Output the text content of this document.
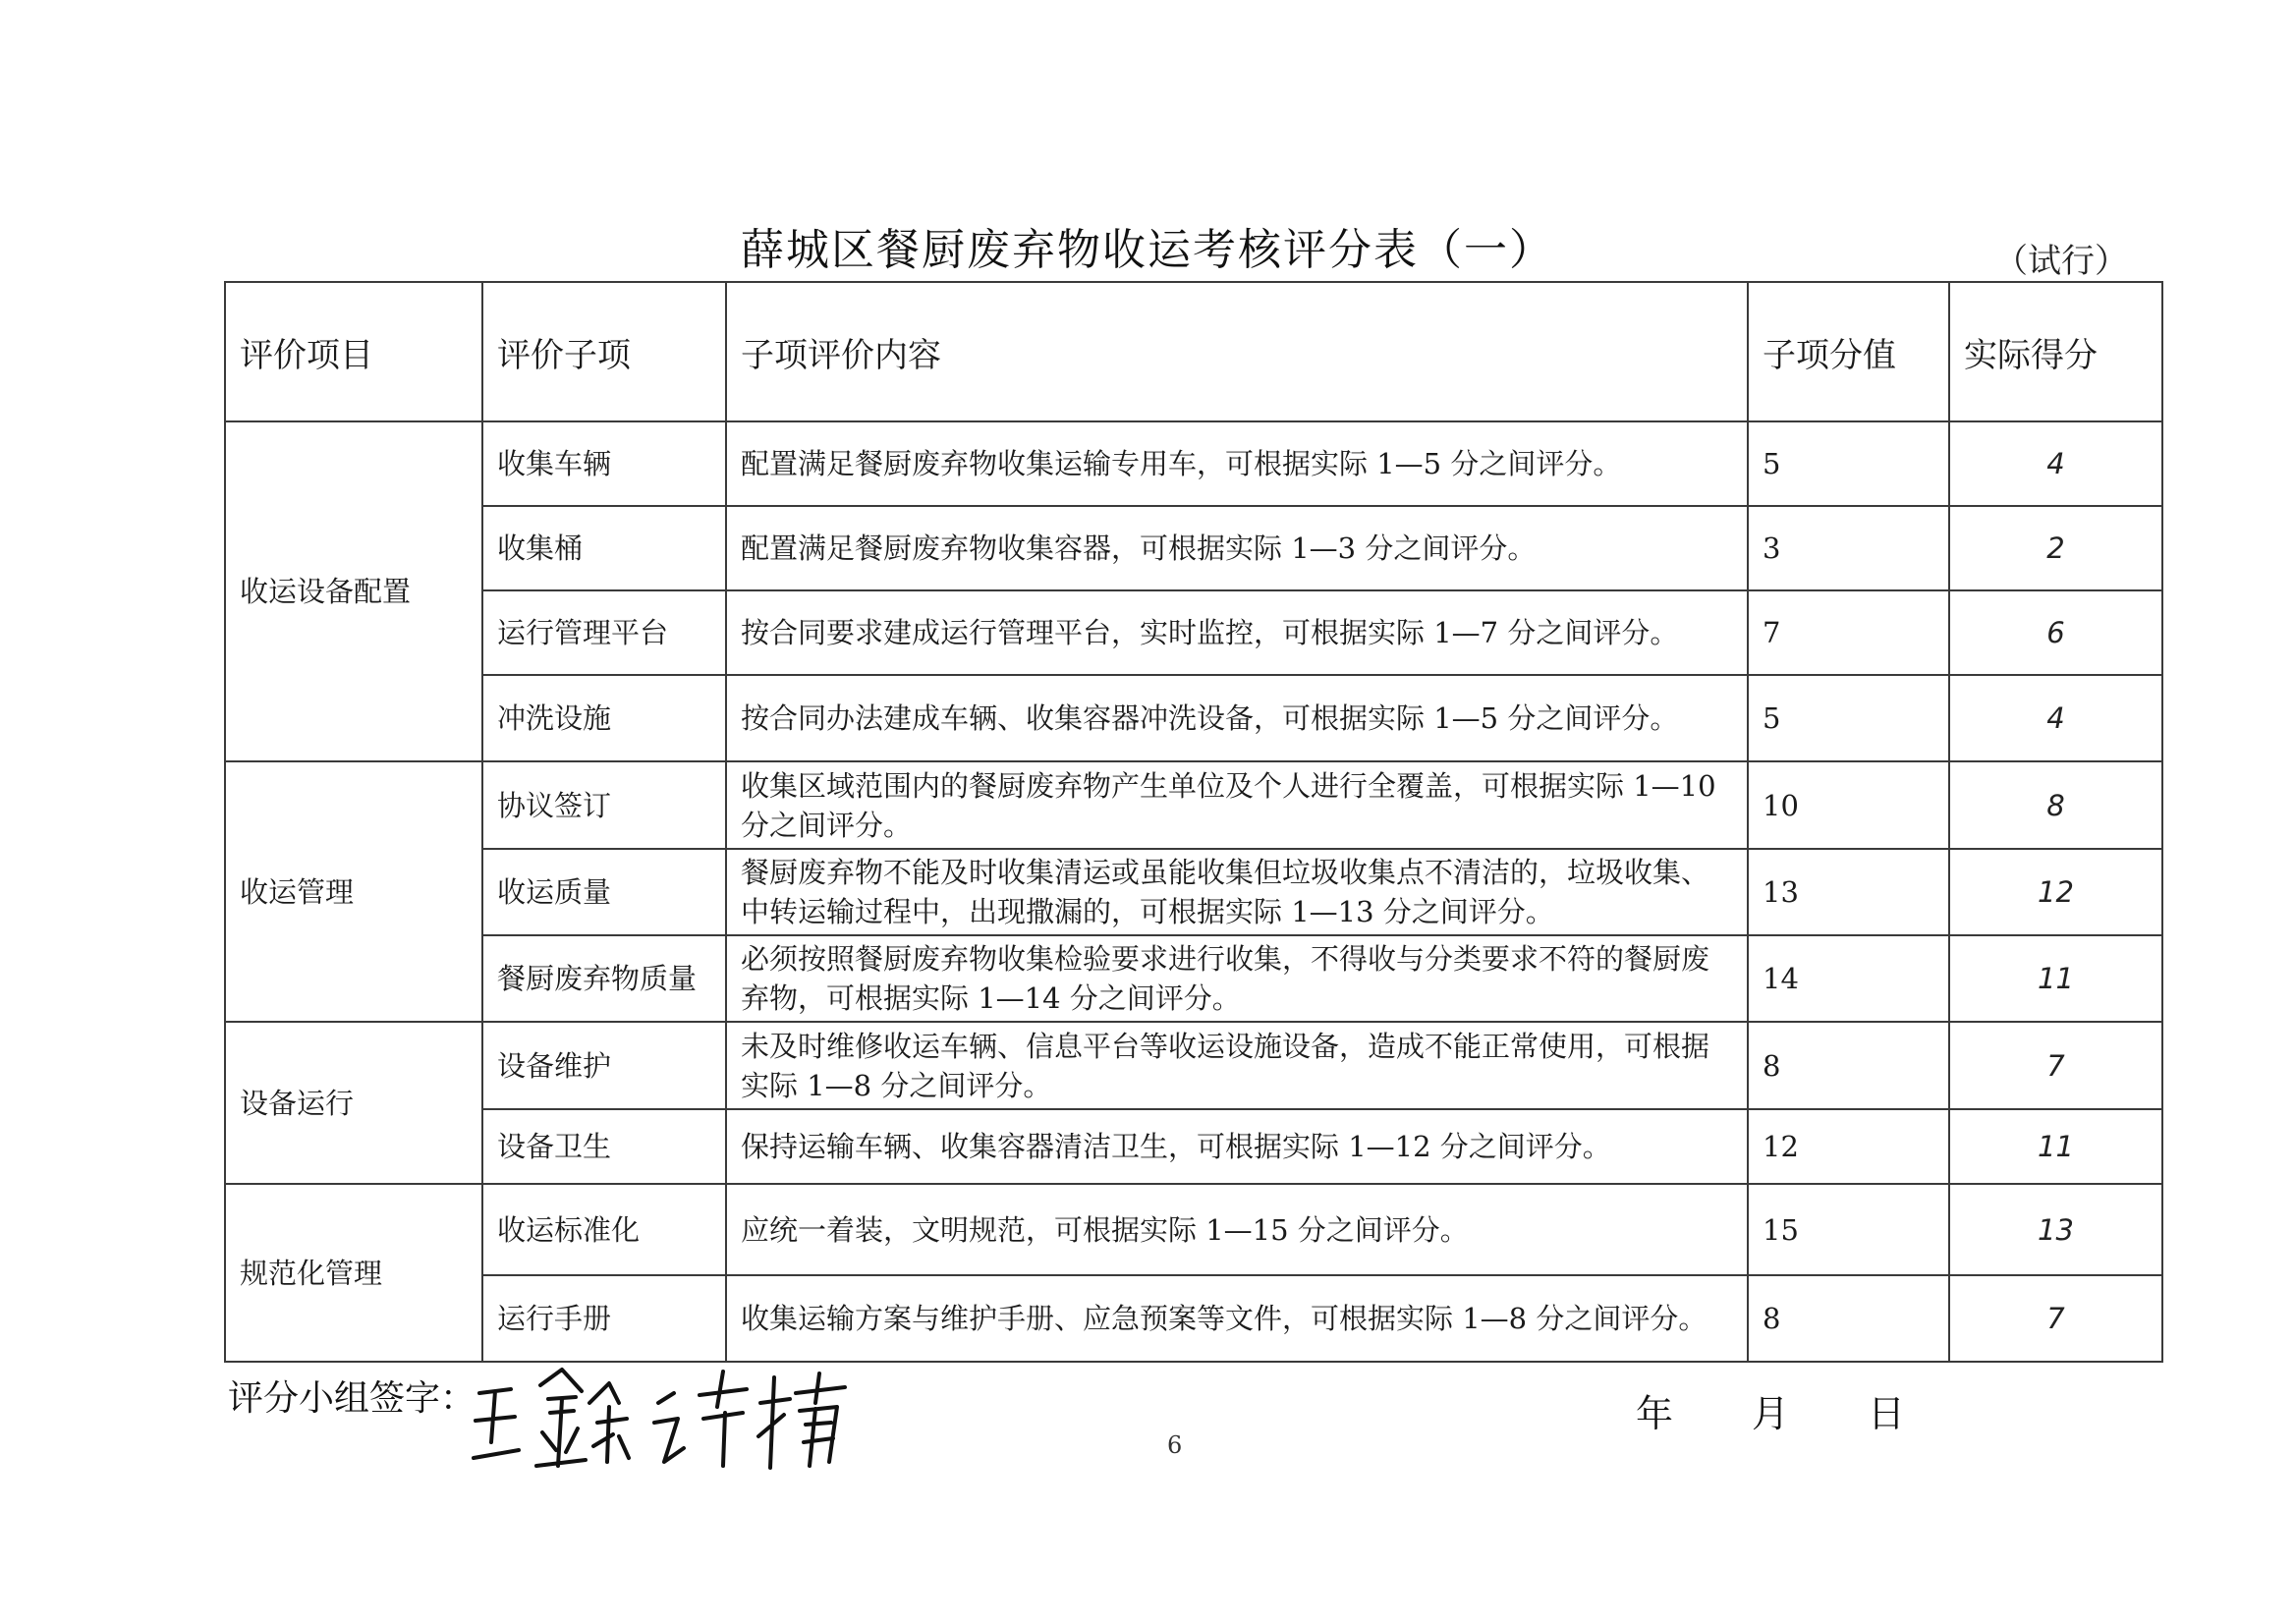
薛城区餐厨废弃物收运考核评分表（一）	（试行）
评价项目	评价子项	子项评价内容	子项分值	实际得分
收运设备配置	收集车辆	配置满足餐厨废弃物收集运输专用车，可根据实际 1—5 分之间评分。	5	4
	收集桶	配置满足餐厨废弃物收集容器，可根据实际 1—3 分之间评分。	3	2
	运行管理平台	按合同要求建成运行管理平台，实时监控，可根据实际 1—7 分之间评分。	7	6
	冲洗设施	按合同办法建成车辆、收集容器冲洗设备，可根据实际 1—5 分之间评分。	5	4
收运管理	协议签订	收集区域范围内的餐厨废弃物产生单位及个人进行全覆盖，可根据实际 1—10 分之间评分。	10	8
	收运质量	餐厨废弃物不能及时收集清运或虽能收集但垃圾收集点不清洁的，垃圾收集、中转运输过程中，出现撒漏的，可根据实际 1—13 分之间评分。	13	12
	餐厨废弃物质量	必须按照餐厨废弃物收集检验要求进行收集，不得收与分类要求不符的餐厨废弃物，可根据实际 1—14 分之间评分。	14	11
设备运行	设备维护	未及时维修收运车辆、信息平台等收运设施设备，造成不能正常使用，可根据实际 1—8 分之间评分。	8	7
	设备卫生	保持运输车辆、收集容器清洁卫生，可根据实际 1—12 分之间评分。	12	11
规范化管理	收运标准化	应统一着装，文明规范，可根据实际 1—15 分之间评分。	15	13
	运行手册	收集运输方案与维护手册、应急预案等文件，可根据实际 1—8 分之间评分。	8	7
评分小组签字：	年 月 日
6
